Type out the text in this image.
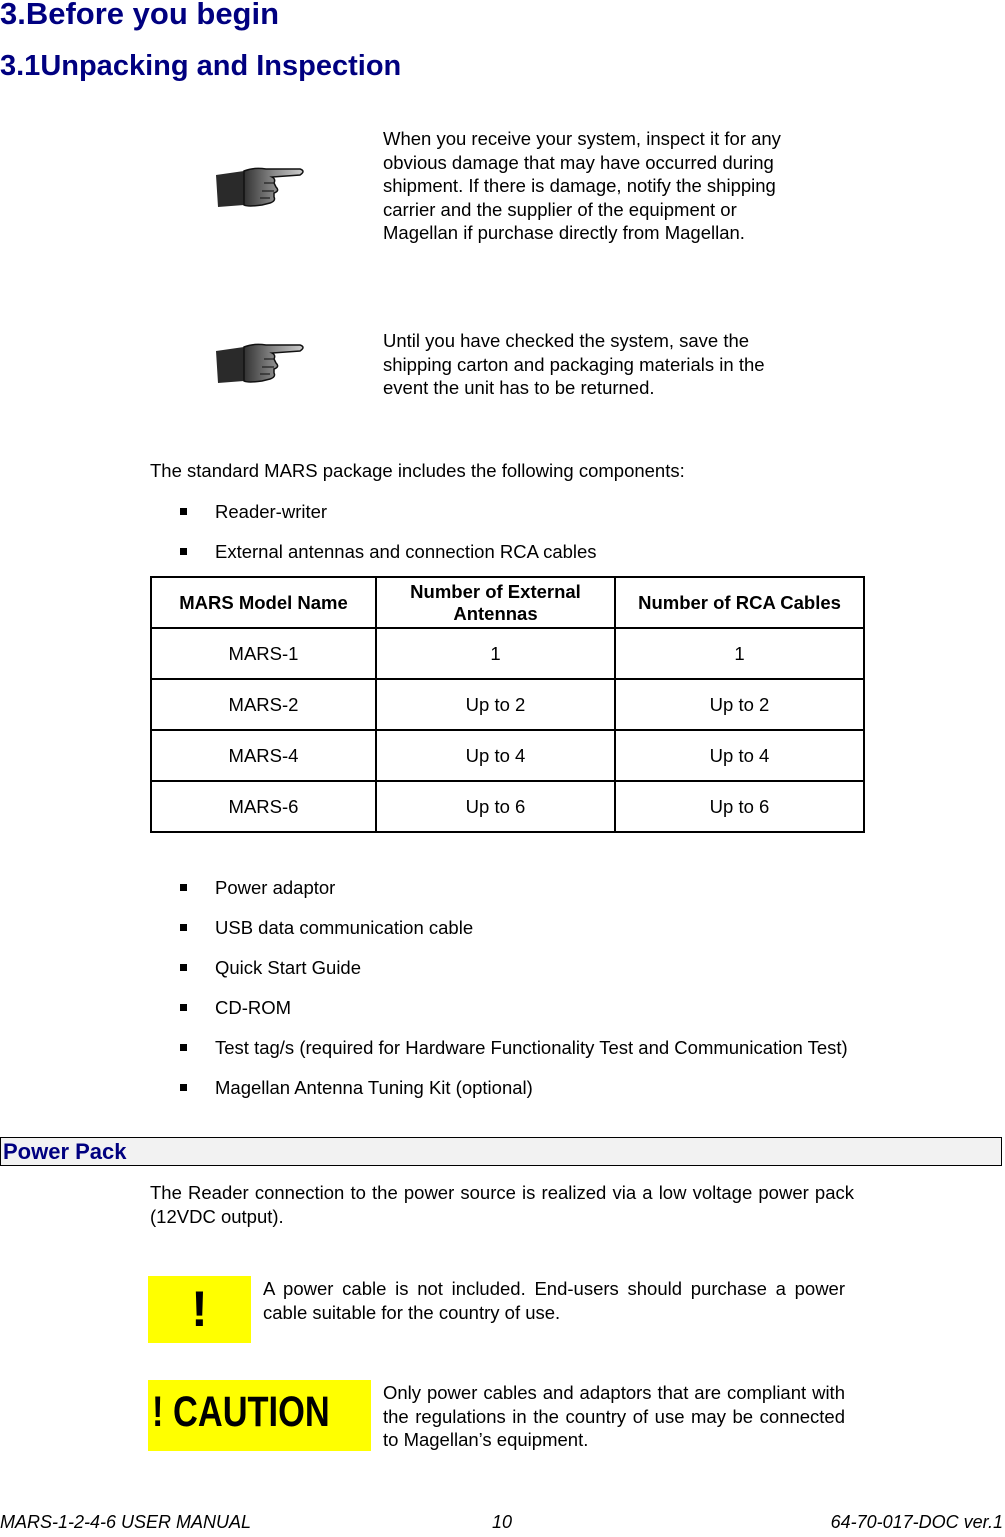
3.Before you begin
3.1Unpacking and Inspection
When you receive your system, inspect it for any
obvious damage that may have occurred during
shipment. If there is damage, notify the shipping
carrier and the supplier of the equipment or
Magellan if purchase directly from Magellan.
Until you have checked the system, save the
shipping carton and packaging materials in the
event the unit has to be returned.
The standard MARS package includes the following components:
Reader-writer
External antennas and connection RCA cables
MARS Model Name	Number of External Antennas	Number of RCA Cables
MARS-1	1	1
MARS-2	Up to 2	Up to 2
MARS-4	Up to 4	Up to 4
MARS-6	Up to 6	Up to 6
Power adaptor
USB data communication cable
Quick Start Guide
CD-ROM
Test tag/s (required for Hardware Functionality Test and Communication Test)
Magellan Antenna Tuning Kit (optional)
Power Pack
The Reader connection to the power source is realized via a low voltage power pack (12VDC output).
!	A power cable is not included. End-users should purchase a power cable suitable for the country of use.
! CAUTION	Only power cables and adaptors that are compliant with the regulations in the country of use may be connected to Magellan’s equipment.
MARS-1-2-4-6 USER MANUAL	10	64-70-017-DOC ver.1
